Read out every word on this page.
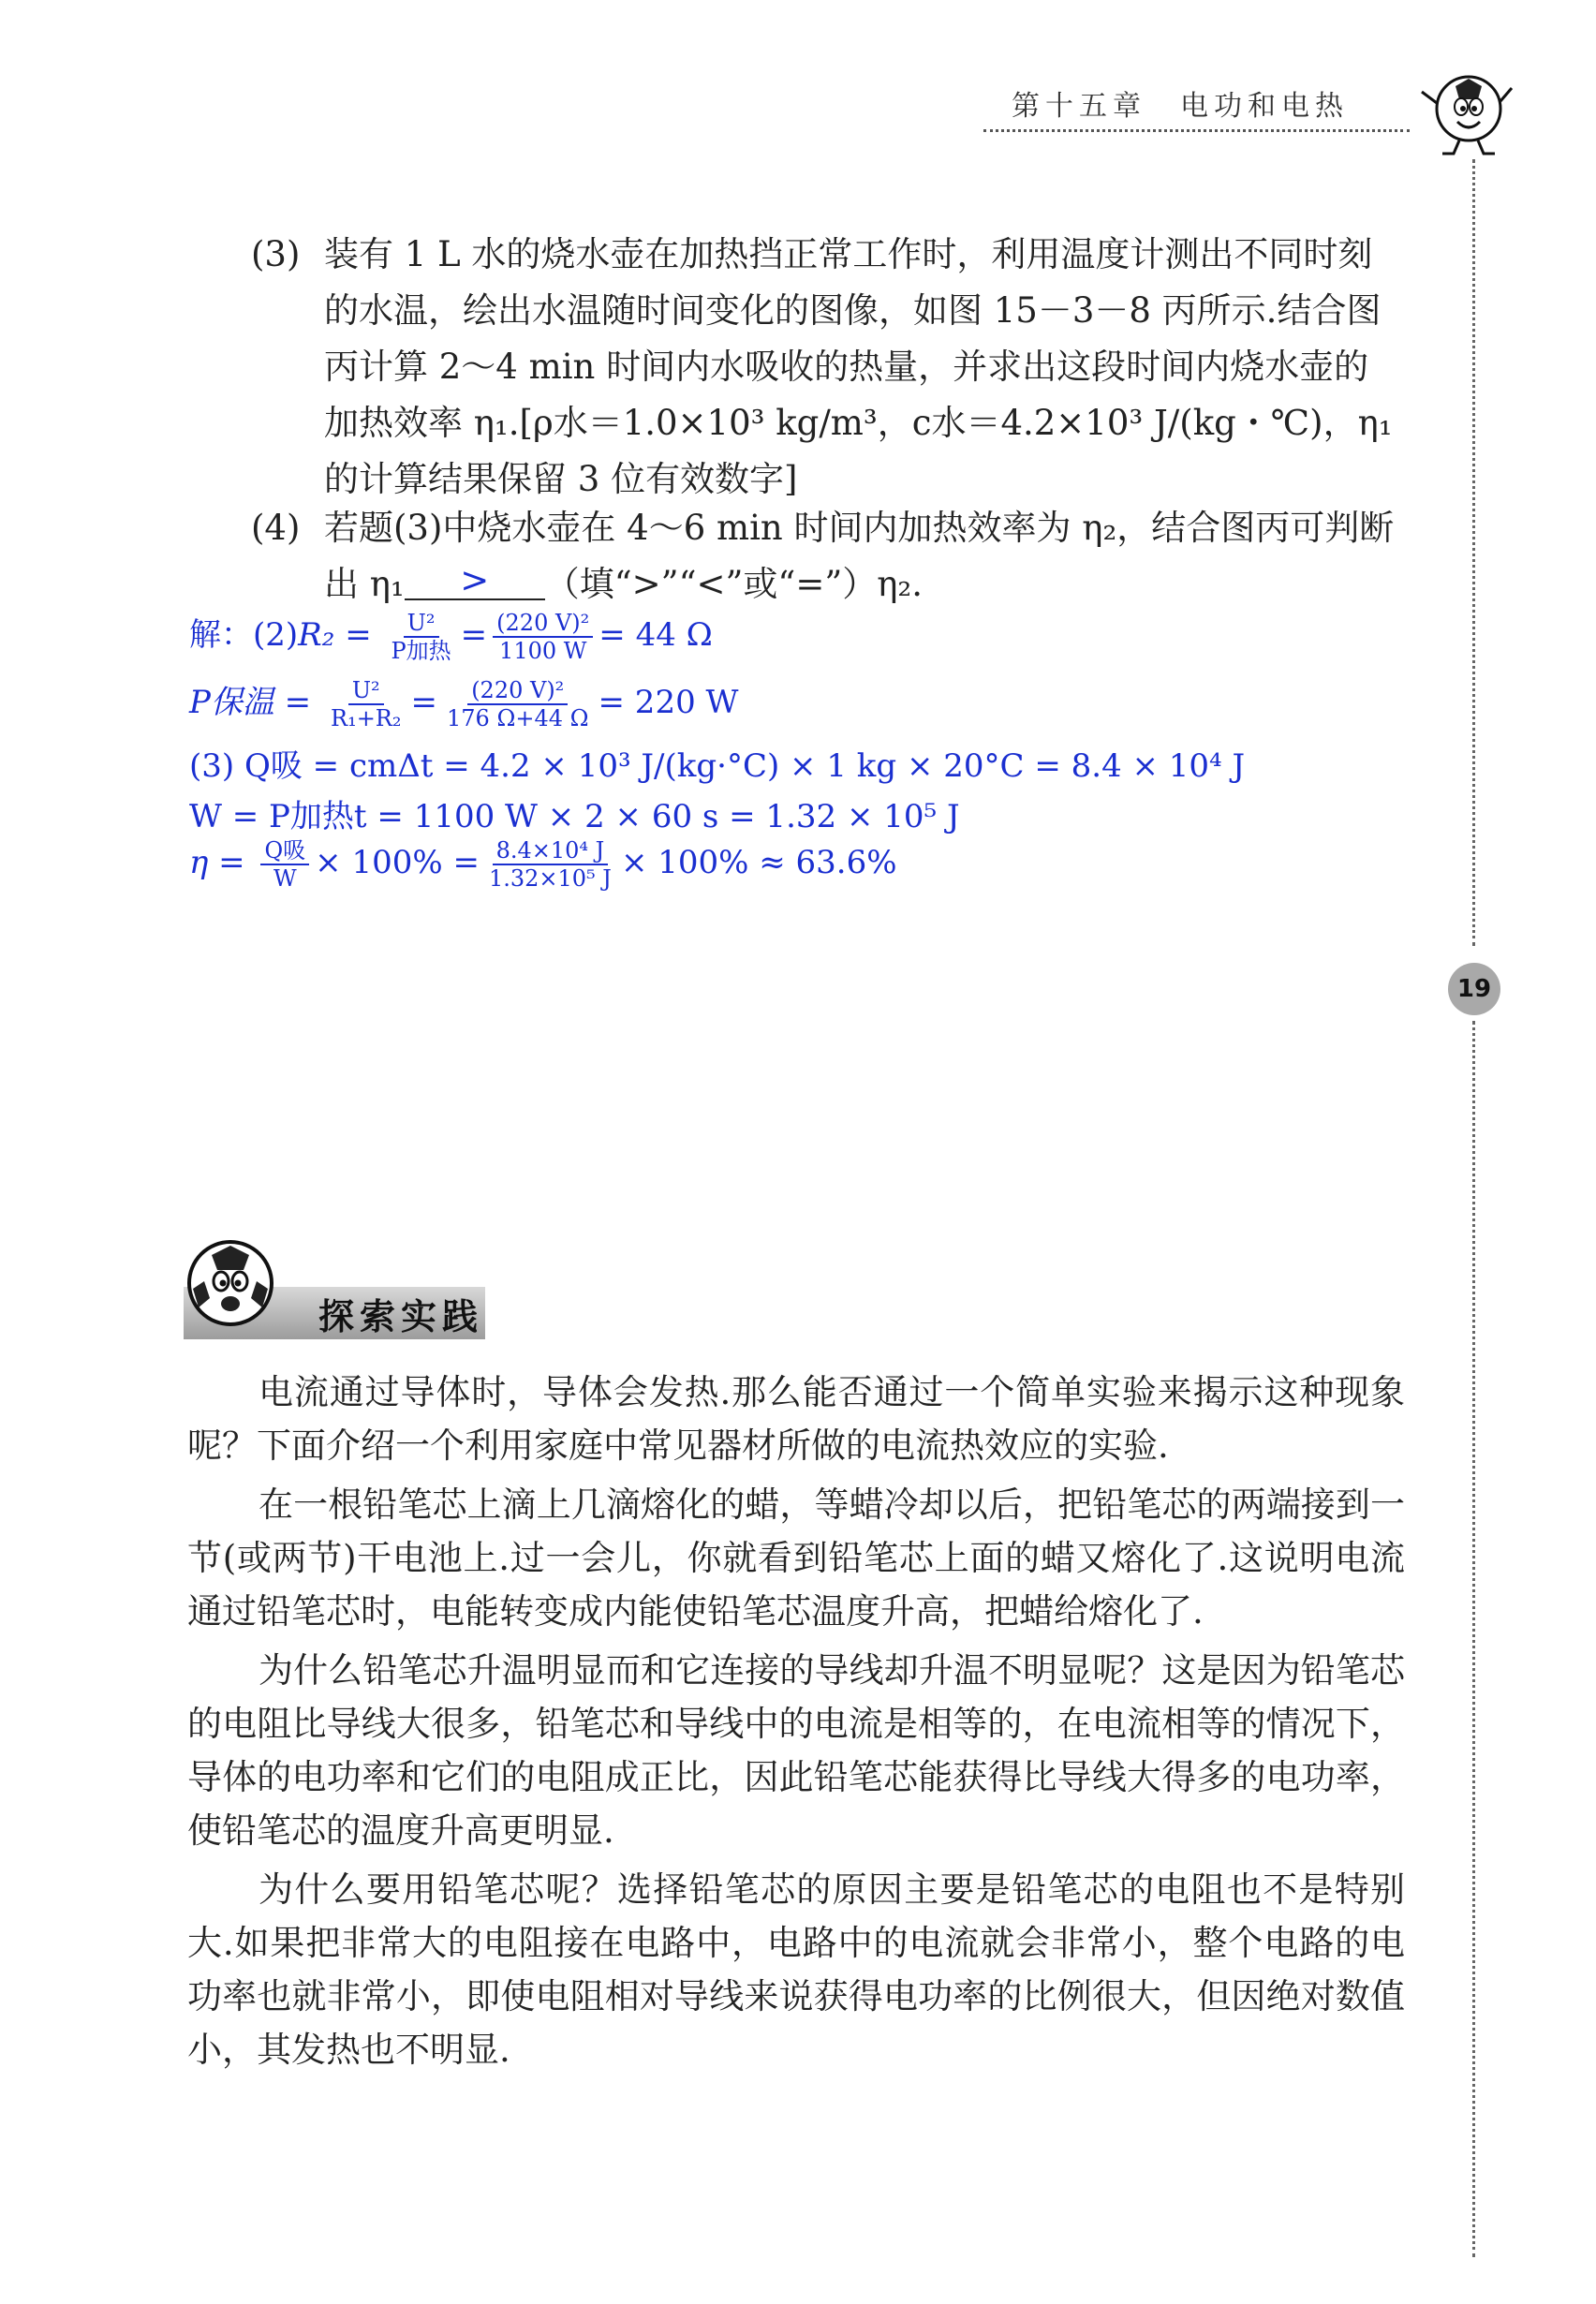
第十五章　电功和电热
19
(3) 装有 1 L 水的烧水壶在加热挡正常工作时，利用温度计测出不同时刻的水温，绘出水温随时间变化的图像，如图 15－3－8 丙所示.结合图丙计算 2～4 min 时间内水吸收的热量，并求出这段时间内烧水壶的加热效率 η₁.[ρ水＝1.0×10³ kg/m³，c水＝4.2×10³ J/(kg・℃)，η₁的计算结果保留 3 位有效数字]
(4) 若题(3)中烧水壶在 4～6 min 时间内加热效率为 η₂，结合图丙可判断出 η₁ > （填“>”“<”或“=”）η₂.
解：$(2)R_2 = \frac{\text{U²}}{\text{P加热}} = \frac{\text{(220 V)²}}{1100 W} = 44$ Ω
P保温 = $\frac{\text{U²}}{\text{R₁+R₂}} = \frac{\text{(220 V)²}}{176 \Omega+44 \Omega} = 220$ W
(3) Q吸 = cmΔt = 4.2 × 10³ J/(kg·°C) × 1 kg × 20°C = 8.4 × 10⁴ J
W = P加热t = 1100 W × 2 × 60 s = 1.32 × 10⁵ J
$\eta = \frac{\text{Q吸}}{W} \times 100\% = \frac{\text{8.4×10⁴ J}}{\text{1.32×10⁵ J}} \times 100\% \approx 63.6\%$
探索实践

电流通过导体时，导体会发热.那么能否通过一个简单实验来揭示这种现象呢？下面介绍一个利用家庭中常见器材所做的电流热效应的实验.

在一根铅笔芯上滴上几滴熔化的蜡，等蜡冷却以后，把铅笔芯的两端接到一节(或两节)干电池上.过一会儿，你就看到铅笔芯上面的蜡又熔化了.这说明电流通过铅笔芯时，电能转变成内能使铅笔芯温度升高，把蜡给熔化了.

为什么铅笔芯升温明显而和它连接的导线却升温不明显呢？这是因为铅笔芯的电阻比导线大很多，铅笔芯和导线中的电流是相等的，在电流相等的情况下，导体的电功率和它们的电阻成正比，因此铅笔芯能获得比导线大得多的电功率，使铅笔芯的温度升高更明显.

为什么要用铅笔芯呢？选择铅笔芯的原因主要是铅笔芯的电阻也不是特别大.如果把非常大的电阻接在电路中，电路中的电流就会非常小，整个电路的电功率也就非常小，即使电阻相对导线来说获得电功率的比例很大，但因绝对数值小，其发热也不明显.
